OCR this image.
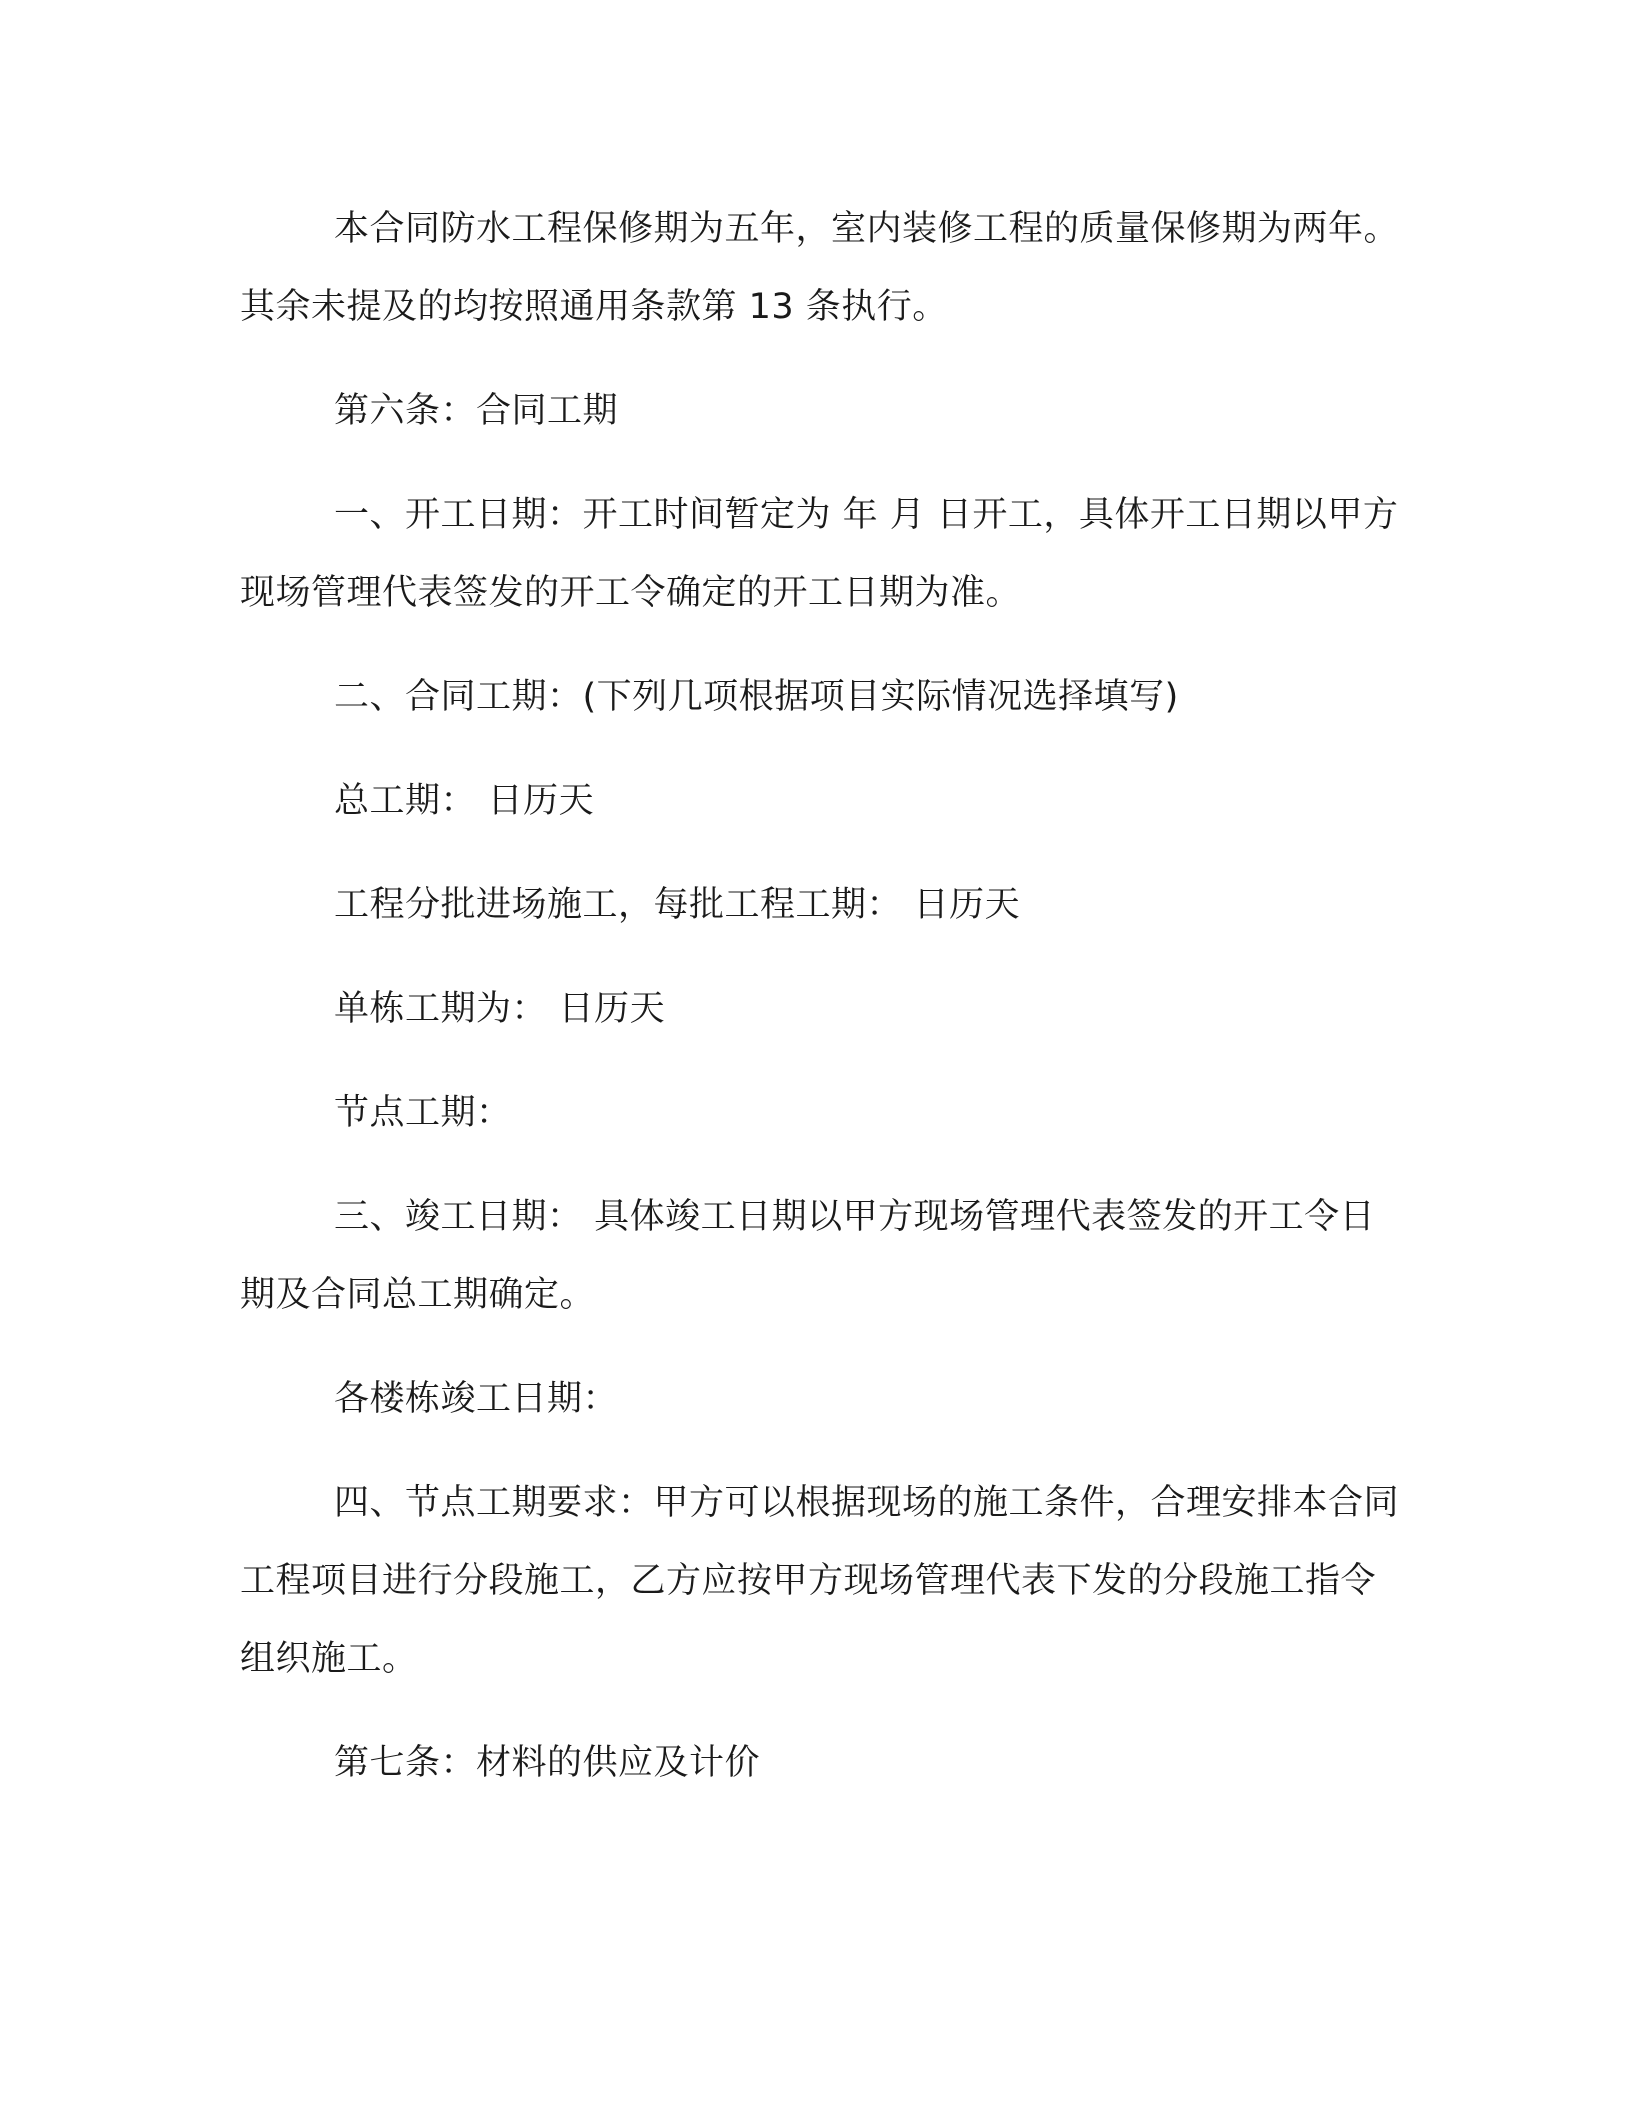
本合同防水工程保修期为五年，室内装修工程的质量保修期为两年。其余未提及的均按照通用条款第 13 条执行。

第六条：合同工期

一、开工日期：开工时间暂定为 年 月 日开工，具体开工日期以甲方现场管理代表签发的开工令确定的开工日期为准。

二、合同工期：(下列几项根据项目实际情况选择填写)

总工期： 日历天

工程分批进场施工，每批工程工期： 日历天

单栋工期为： 日历天

节点工期：

三、竣工日期： 具体竣工日期以甲方现场管理代表签发的开工令日期及合同总工期确定。

各楼栋竣工日期：

四、节点工期要求：甲方可以根据现场的施工条件，合理安排本合同工程项目进行分段施工，乙方应按甲方现场管理代表下发的分段施工指令组织施工。

第七条：材料的供应及计价
